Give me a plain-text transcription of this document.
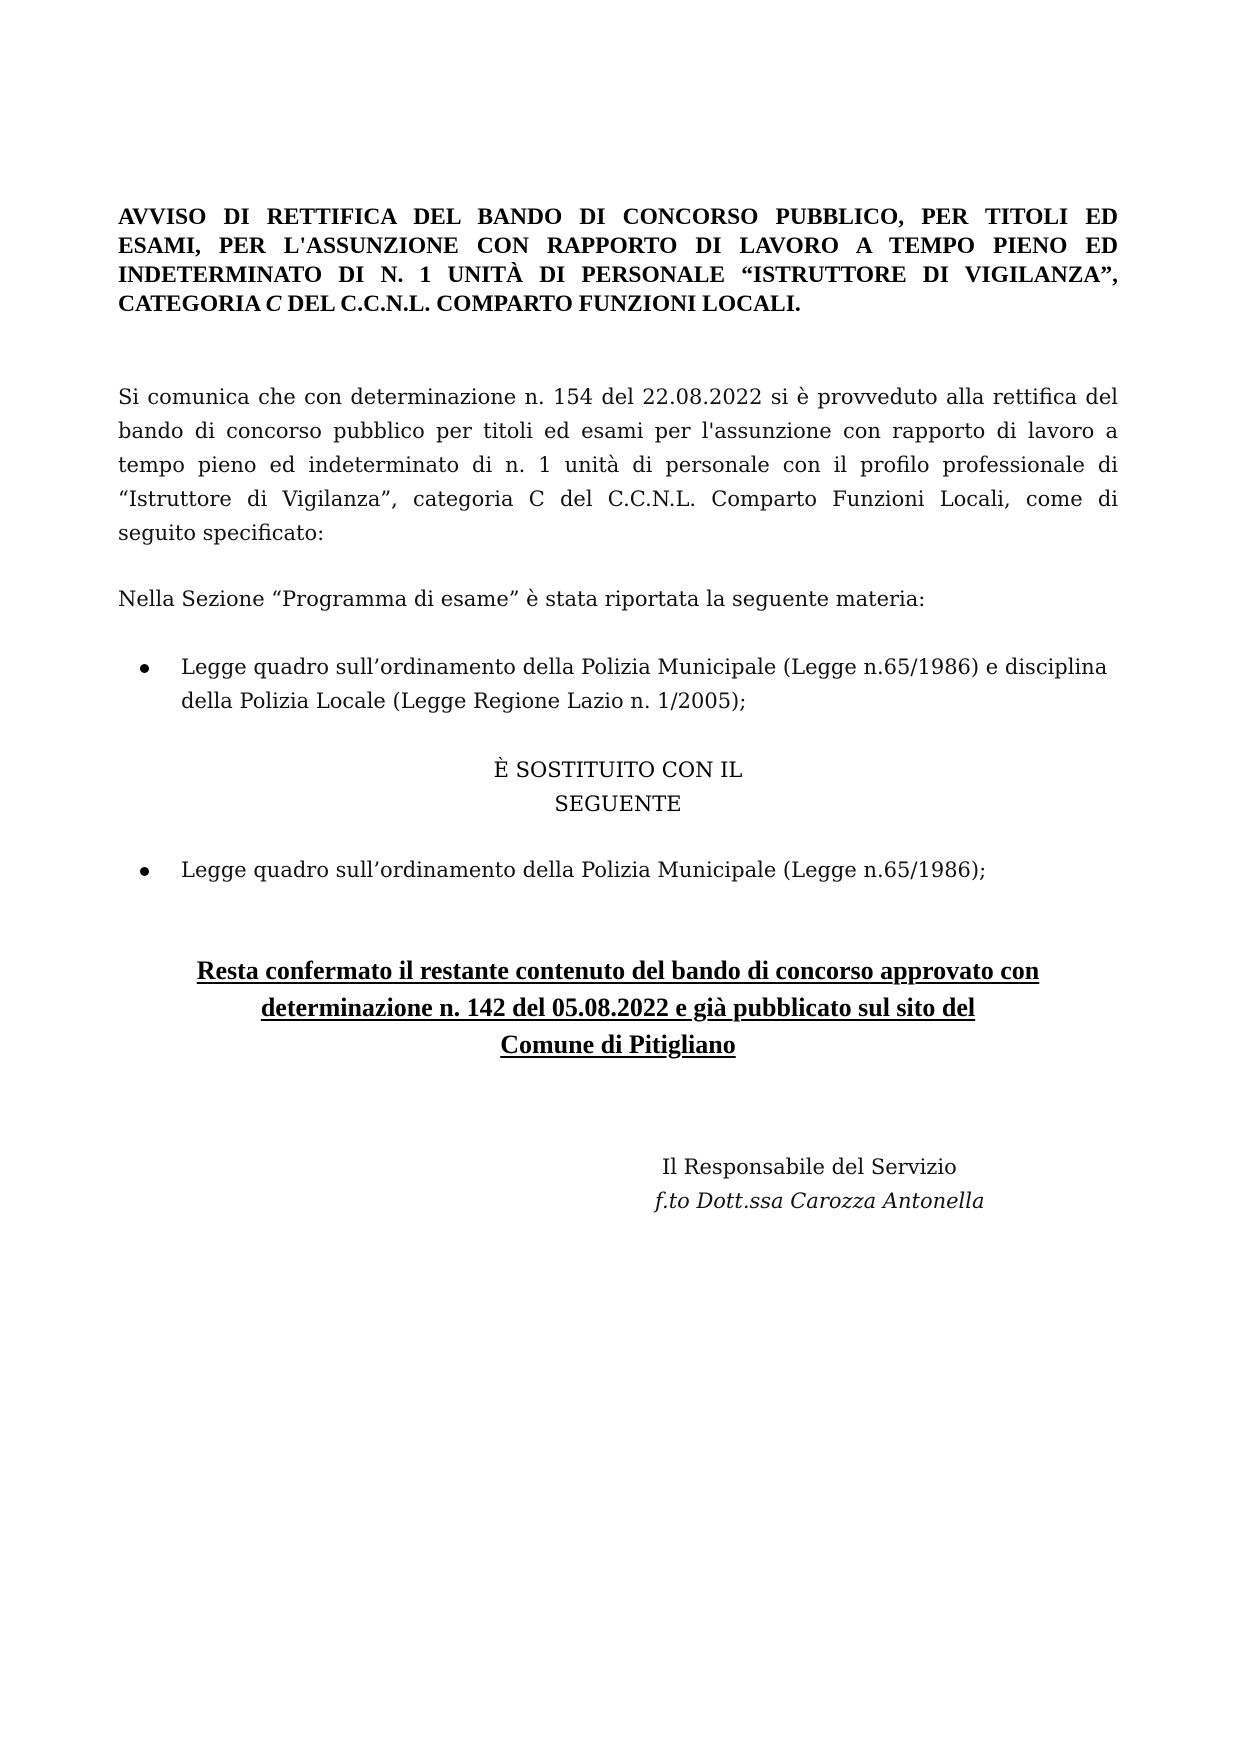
AVVISO DI RETTIFICA DEL BANDO DI CONCORSO PUBBLICO, PER TITOLI ED
ESAMI, PER L'ASSUNZIONE CON RAPPORTO DI LAVORO A TEMPO PIENO ED
INDETERMINATO DI N. 1 UNITÀ DI PERSONALE “ISTRUTTORE DI VIGILANZA”,
CATEGORIA C DEL C.C.N.L. COMPARTO FUNZIONI LOCALI.
Si comunica che con determinazione n. 154 del 22.08.2022 si è provveduto alla rettifica del
bando di concorso pubblico per titoli ed esami per l'assunzione con rapporto di lavoro a
tempo pieno ed indeterminato di n. 1 unità di personale con il profilo professionale di
“Istruttore di Vigilanza”, categoria C del C.C.N.L. Comparto Funzioni Locali, come di
seguito specificato:
Nella Sezione “Programma di esame” è stata riportata la seguente materia:
Legge quadro sull’ordinamento della Polizia Municipale (Legge n.65/1986) e disciplina
della Polizia Locale (Legge Regione Lazio n. 1/2005);
È SOSTITUITO CON IL
SEGUENTE
Legge quadro sull’ordinamento della Polizia Municipale (Legge n.65/1986);
Resta confermato il restante contenuto del bando di concorso approvato con
determinazione n. 142 del 05.08.2022 e già pubblicato sul sito del
Comune di Pitigliano
Il Responsabile del Servizio
f.to Dott.ssa Carozza Antonella
